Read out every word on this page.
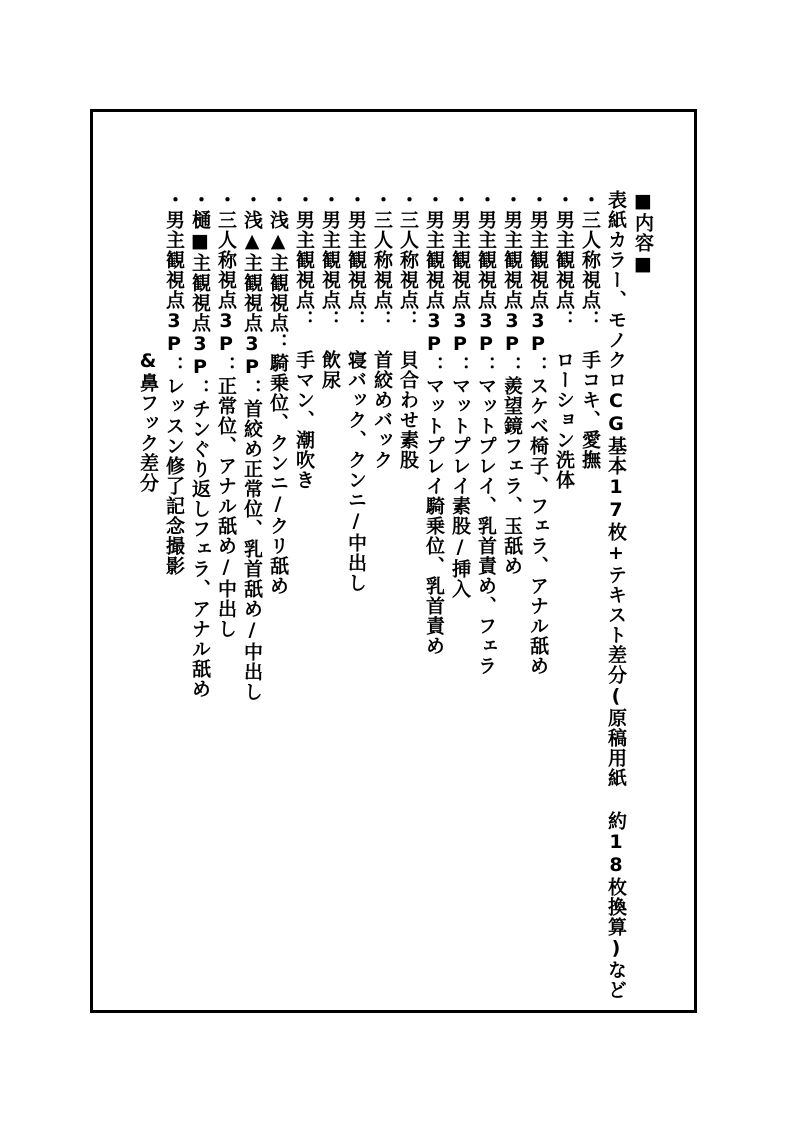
■内容■

表紙カラー、モノクロCG基本17枚+テキスト差分(原稿用紙 約18枚換算)など

・三人称視点：　手コキ、愛撫

・男主観視点：　ローション洗体

・男主観視点3P：スケベ椅子、フェラ、アナル舐め

・男主観視点3P：羨望鏡フェラ、玉舐め

・男主観視点3P：マットプレイ、乳首責め、フェラ

・男主観視点3P：マットプレイ素股/挿入

・男主観視点3P：マットプレイ騎乗位、乳首責め

・三人称視点：　貝合わせ素股

・三人称視点：　首絞めバック

・男主観視点：　寝バック、クンニ/中出し

・男主観視点：　飲尿

・男主観視点：　手マン、潮吹き

・浅▲主観視点：騎乗位、クンニ/クリ舐め

・浅▲主観視点3P：首絞め正常位、乳首舐め/中出し

・三人称視点3P：正常位、アナル舐め/中出し

・樋■主観視点3P：チンぐり返しフェラ、アナル舐め

・男主観視点3P：レッスン修了記念撮影

　　　　　　　　&鼻フック差分
